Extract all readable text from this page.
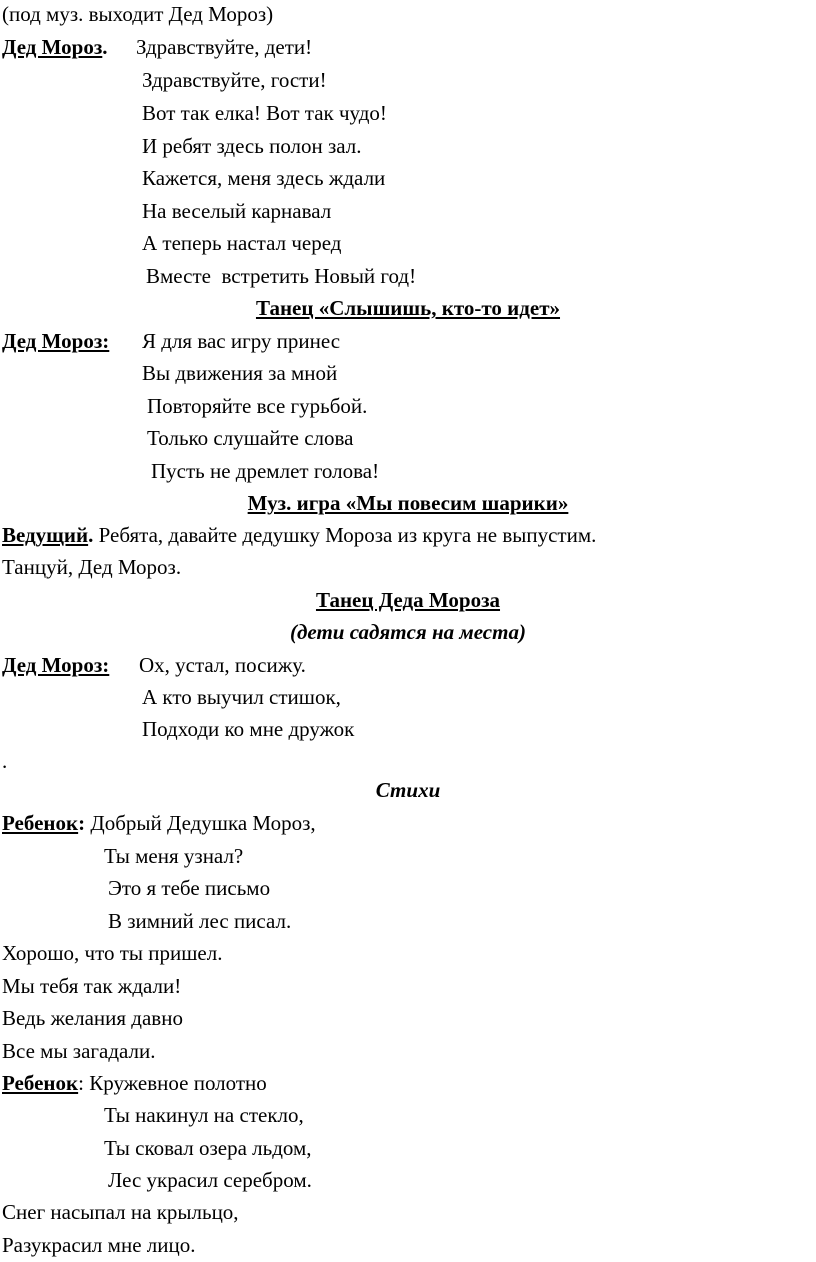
(под муз. выходит Дед Мороз)
Дед Мороз. Здравствуйте, дети!
Здравствуйте, гости!
Вот так елка! Вот так чудо!
И ребят здесь полон зал.
Кажется, меня здесь ждали
На веселый карнавал
А теперь настал черед
Вместе  встретить Новый год!
Танец «Слышишь, кто-то идет»
Дед Мороз: Я для вас игру принес
Вы движения за мной
Повторяйте все гурьбой.
Только слушайте слова
Пусть не дремлет голова!
Муз. игра «Мы повесим шарики»
Ведущий. Ребята, давайте дедушку Мороза из круга не выпустим.
Танцуй, Дед Мороз.
Танец Деда Мороза
(дети садятся на места)
Дед Мороз: Ох, устал, посижу.
А кто выучил стишок,
Подходи ко мне дружок
.
Стихи
Ребенок: Добрый Дедушка Мороз,
Ты меня узнал?
Это я тебе письмо
В зимний лес писал.
Хорошо, что ты пришел.
Мы тебя так ждали!
Ведь желания давно
Все мы загадали.
Ребенок: Кружевное полотно
Ты накинул на стекло,
Ты сковал озера льдом,
Лес украсил серебром.
Снег насыпал на крыльцо,
Разукрасил мне лицо.
